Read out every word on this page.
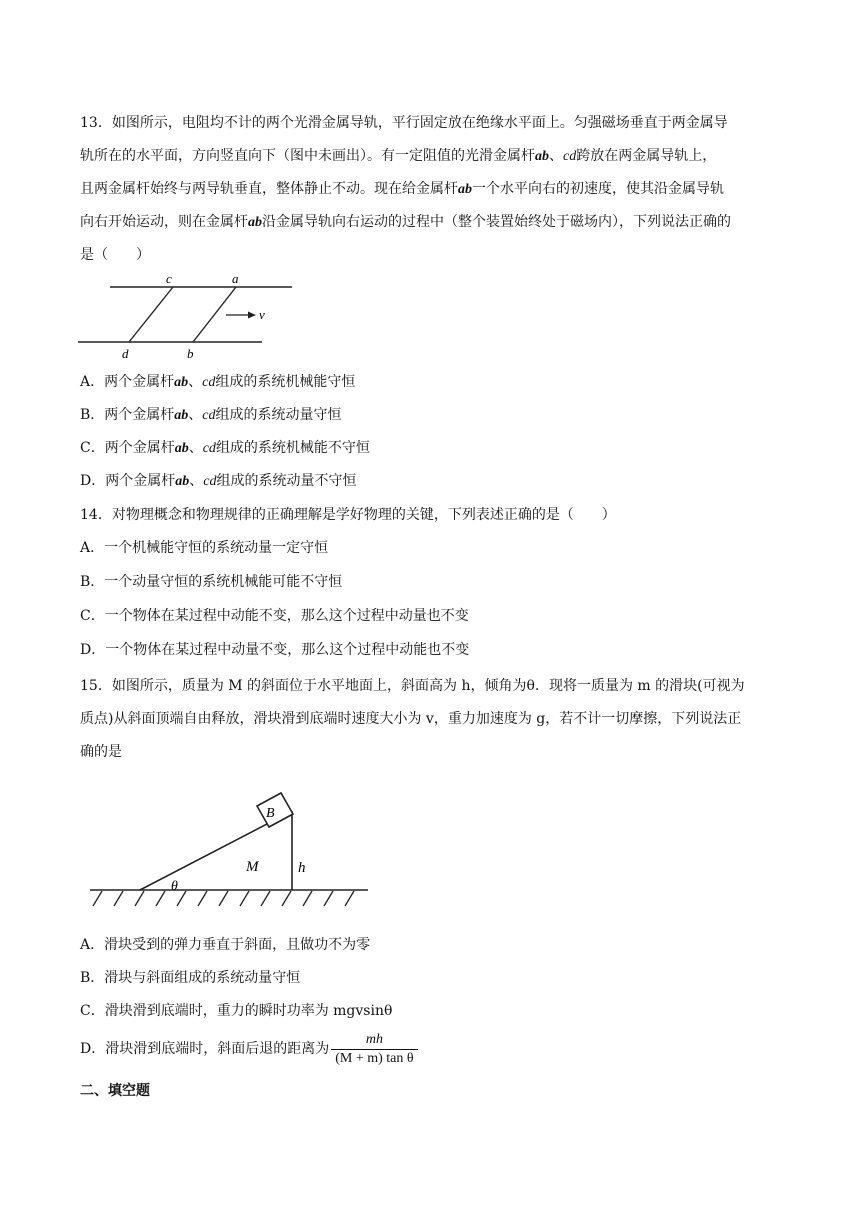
13．如图所示，电阻均不计的两个光滑金属导轨，平行固定放在绝缘水平面上。匀强磁场垂直于两金属导
轨所在的水平面，方向竖直向下（图中未画出）。有一定阻值的光滑金属杆ab、cd跨放在两金属导轨上，
且两金属杆始终与两导轨垂直，整体静止不动。现在给金属杆ab一个水平向右的初速度，使其沿金属导轨
向右开始运动，则在金属杆ab沿金属导轨向右运动的过程中（整个装置始终处于磁场内），下列说法正确的
是（　　）
c	a
v
d	b
A．两个金属杆ab、cd组成的系统机械能守恒
B．两个金属杆ab、cd组成的系统动量守恒
C．两个金属杆ab、cd组成的系统机械能不守恒
D．两个金属杆ab、cd组成的系统动量不守恒
14．对物理概念和物理规律的正确理解是学好物理的关键，下列表述正确的是（　　）
A．一个机械能守恒的系统动量一定守恒
B．一个动量守恒的系统机械能可能不守恒
C．一个物体在某过程中动能不变，那么这个过程中动量也不变
D．一个物体在某过程中动量不变，那么这个过程中动能也不变
15．如图所示，质量为 M 的斜面位于水平地面上，斜面高为 h，倾角为θ．现将一质量为 m 的滑块(可视为
质点)从斜面顶端自由释放，滑块滑到底端时速度大小为 v，重力加速度为 g，若不计一切摩擦，下列说法正
确的是
B
M	h
θ
A．滑块受到的弹力垂直于斜面，且做功不为零
B．滑块与斜面组成的系统动量守恒
C．滑块滑到底端时，重力的瞬时功率为 mgvsinθ
D．滑块滑到底端时，斜面后退的距离为 $\frac{mh}{\text{(M + m) tan θ}}$
二、填空题
